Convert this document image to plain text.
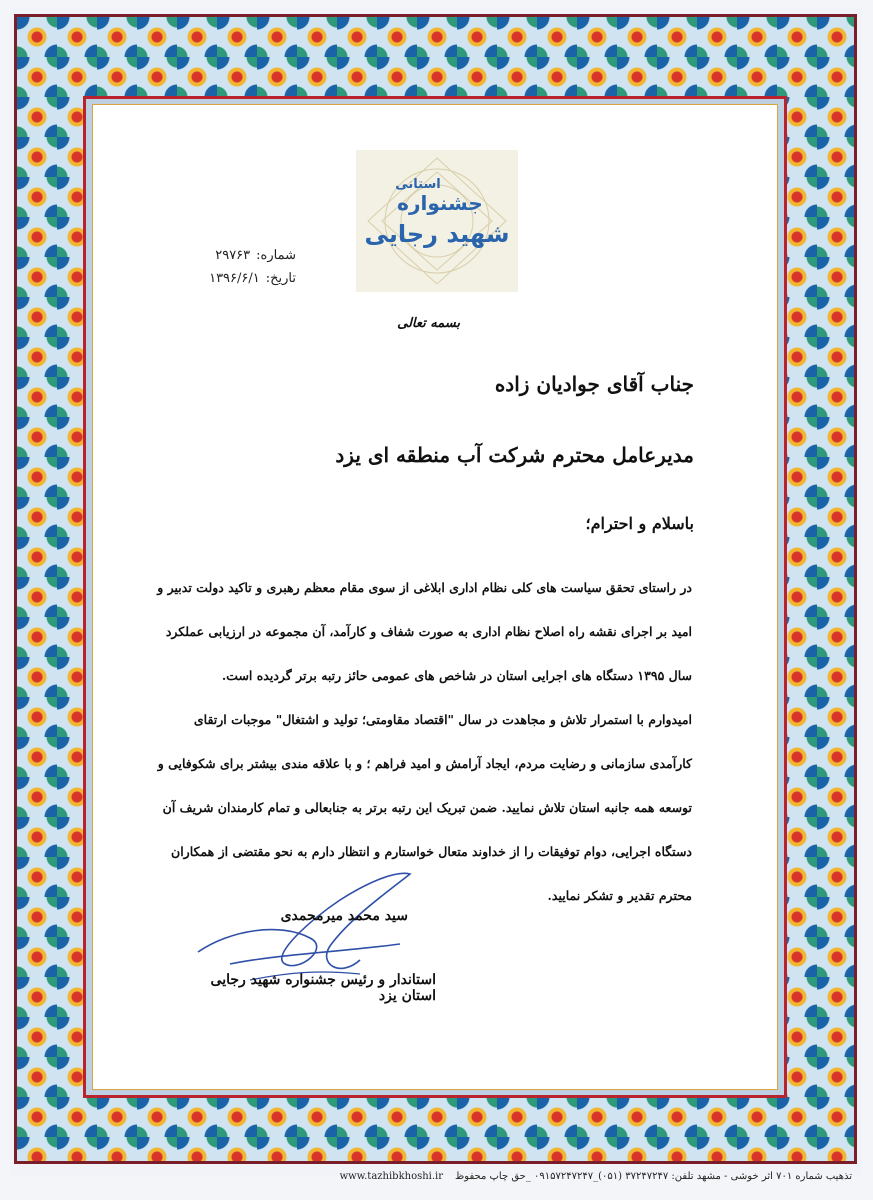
استانی
جشنواره
شهید رجایی
شماره:۲۹۷۶۳
تاریخ:۱۳۹۶/۶/۱
بسمه تعالی
جناب آقای جوادیان زاده
مدیرعامل محترم شرکت آب منطقه ای یزد
باسلام و احترام؛
در راستای تحقق سیاست های کلی نظام اداری ابلاغی از سوی مقام معظم رهبری و تاکید دولت تدبیر و امید بر اجرای نقشه راه اصلاح نظام اداری به صورت شفاف و کارآمد، آن مجموعه در ارزیابی عملکرد سال ۱۳۹۵ دستگاه های اجرایی استان در شاخص های عمومی حائز رتبه برتر گردیده است.
امیدوارم با استمرار تلاش و مجاهدت در سال "اقتصاد مقاومتی؛ تولید و اشتغال" موجبات ارتقای کارآمدی سازمانی و رضایت مردم، ایجاد آرامش و امید فراهم ؛ و با علاقه مندی بیشتر برای شکوفایی و توسعه همه جانبه استان تلاش نمایید. ضمن تبریک این رتبه برتر به جنابعالی و تمام کارمندان شریف آن دستگاه اجرایی، دوام توفیقات را از خداوند متعال خواستارم و انتظار دارم به نحو مقتضی از همکاران محترم تقدیر و تشکر نمایید.
سید محمد میرمحمدی
استاندار و رئیس جشنواره شهید رجایی استان یزد
تذهیب شماره ۷۰۱ اثر خوشی - مشهد تلفن: ۳۷۲۴۷۲۴۷ (۰۵۱)_۰۹۱۵۷۲۴۷۲۴۷ _حق چاپ محفوظwww.tazhibkhoshi.ir
